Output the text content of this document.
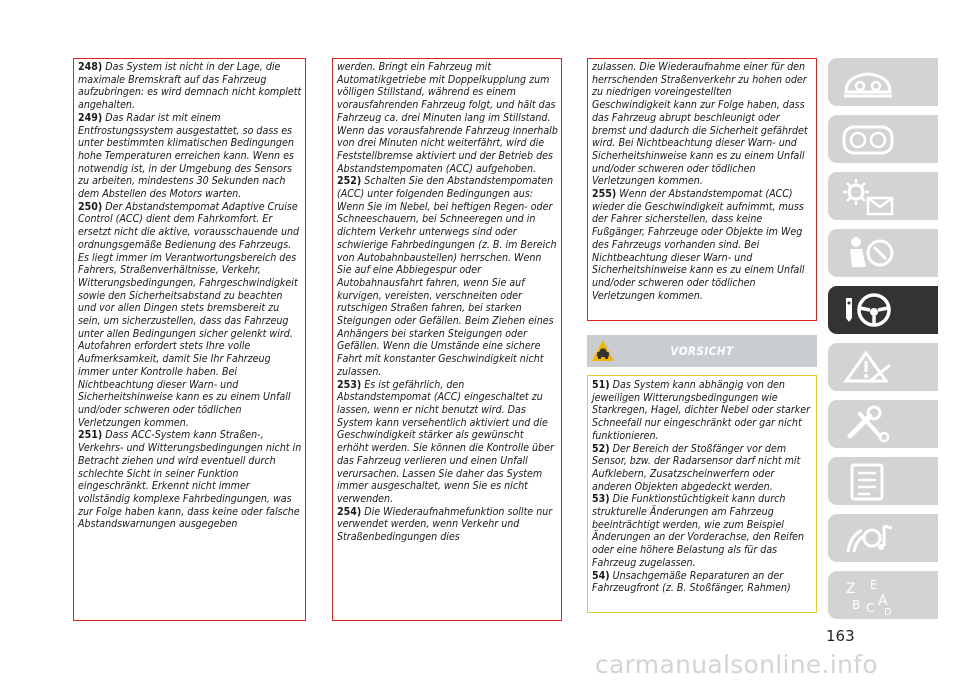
248) Das System ist nicht in der Lage, die maximale Bremskraft auf das Fahrzeug aufzubringen: es wird demnach nicht komplett angehalten.

249) Das Radar ist mit einem Entfrostungssystem ausgestattet, so dass es unter bestimmten klimatischen Bedingungen hohe Temperaturen erreichen kann. Wenn es notwendig ist, in der Umgebung des Sensors zu arbeiten, mindestens 30 Sekunden nach dem Abstellen des Motors warten.

250) Der Abstandstempomat Adaptive Cruise Control (ACC) dient dem Fahrkomfort. Er ersetzt nicht die aktive, vorausschauende und ordnungsgemäße Bedienung des Fahrzeugs. Es liegt immer im Verantwortungsbereich des Fahrers, Straßenverhältnisse, Verkehr, Witterungsbedingungen, Fahrgeschwindigkeit sowie den Sicherheitsabstand zu beachten und vor allen Dingen stets bremsbereit zu sein, um sicherzustellen, dass das Fahrzeug unter allen Bedingungen sicher gelenkt wird. Autofahren erfordert stets Ihre volle Aufmerksamkeit, damit Sie Ihr Fahrzeug immer unter Kontrolle haben. Bei Nichtbeachtung dieser Warn- und Sicherheitshinweise kann es zu einem Unfall und/oder schweren oder tödlichen Verletzungen kommen.

251) Dass ACC-System kann Straßen-, Verkehrs- und Witterungsbedingungen nicht in Betracht ziehen und wird eventuell durch schlechte Sicht in seiner Funktion eingeschränkt. Erkennt nicht immer vollständig komplexe Fahrbedingungen, was zur Folge haben kann, dass keine oder falsche Abstandswarnungen ausgegeben

werden. Bringt ein Fahrzeug mit Automatikgetriebe mit Doppelkupplung zum völligen Stillstand, während es einem vorausfahrenden Fahrzeug folgt, und hält das Fahrzeug ca. drei Minuten lang im Stillstand. Wenn das vorausfahrende Fahrzeug innerhalb von drei Minuten nicht weiterfährt, wird die Feststellbremse aktiviert und der Betrieb des Abstandstempomaten (ACC) aufgehoben.

252) Schalten Sie den Abstandstempomaten (ACC) unter folgenden Bedingungen aus: Wenn Sie im Nebel, bei heftigen Regen- oder Schneeschauern, bei Schneeregen und in dichtem Verkehr unterwegs sind oder schwierige Fahrbedingungen (z. B. im Bereich von Autobahnbaustellen) herrschen. Wenn Sie auf eine Abbiegespur oder Autobahnausfahrt fahren, wenn Sie auf kurvigen, vereisten, verschneiten oder rutschigen Straßen fahren, bei starken Steigungen oder Gefällen. Beim Ziehen eines Anhängers bei starken Steigungen oder Gefällen. Wenn die Umstände eine sichere Fahrt mit konstanter Geschwindigkeit nicht zulassen.

253) Es ist gefährlich, den Abstandstempomat (ACC) eingeschaltet zu lassen, wenn er nicht benutzt wird. Das System kann versehentlich aktiviert und die Geschwindigkeit stärker als gewünscht erhöht werden. Sie können die Kontrolle über das Fahrzeug verlieren und einen Unfall verursachen. Lassen Sie daher das System immer ausgeschaltet, wenn Sie es nicht verwenden.

254) Die Wiederaufnahmefunktion sollte nur verwendet werden, wenn Verkehr und Straßenbedingungen dies

zulassen. Die Wiederaufnahme einer für den herrschenden Straßenverkehr zu hohen oder zu niedrigen voreingestellten Geschwindigkeit kann zur Folge haben, dass das Fahrzeug abrupt beschleunigt oder bremst und dadurch die Sicherheit gefährdet wird. Bei Nichtbeachtung dieser Warn- und Sicherheitshinweise kann es zu einem Unfall und/oder schweren oder tödlichen Verletzungen kommen.

255) Wenn der Abstandstempomat (ACC) wieder die Geschwindigkeit aufnimmt, muss der Fahrer sicherstellen, dass keine Fußgänger, Fahrzeuge oder Objekte im Weg des Fahrzeugs vorhanden sind. Bei Nichtbeachtung dieser Warn- und Sicherheitshinweise kann es zu einem Unfall und/oder schweren oder tödlichen Verletzungen kommen.

VORSICHT

51) Das System kann abhängig von den jeweiligen Witterungsbedingungen wie Starkregen, Hagel, dichter Nebel oder starker Schneefall nur eingeschränkt oder gar nicht funktionieren.

52) Der Bereich der Stoßfänger vor dem Sensor, bzw. der Radarsensor darf nicht mit Aufklebern, Zusatzscheinwerfern oder anderen Objekten abgedeckt werden.

53) Die Funktionstüchtigkeit kann durch strukturelle Änderungen am Fahrzeug beeinträchtigt werden, wie zum Beispiel Änderungen an der Vorderachse, den Reifen oder eine höhere Belastung als für das Fahrzeug zugelassen.

54) Unsachgemäße Reparaturen an der Fahrzeugfront (z. B. Stoßfänger, Rahmen)	Z E
B C A
D
163
carmanualsonline.info
